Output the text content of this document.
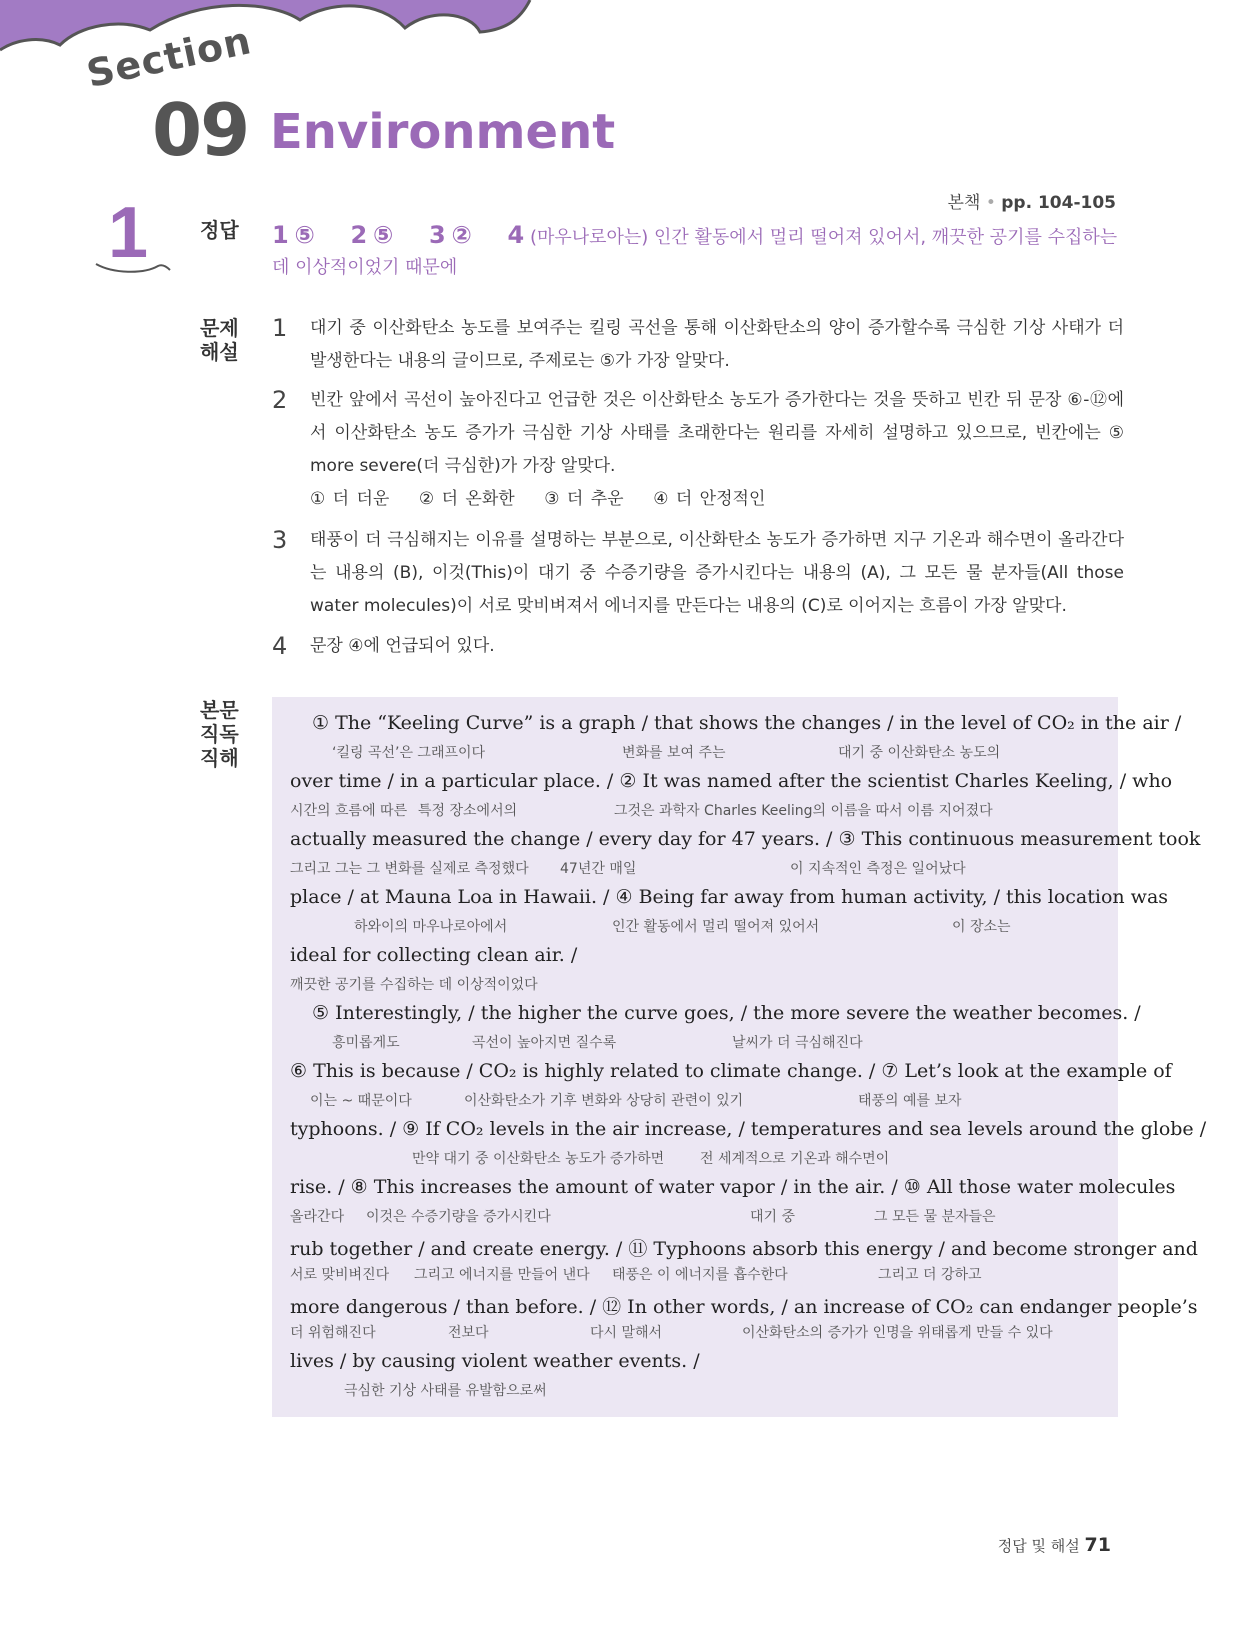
Section
09 Environment
1	본책 • pp. 104-105
정답 1 ⑤ 2 ⑤ 3 ② 4 (마우나로아는) 인간 활동에서 멀리 떨어져 있어서, 깨끗한 공기를 수집하는 데 이상적이었기 때문에
문제
해설
1 대기 중 이산화탄소 농도를 보여주는 킬링 곡선을 통해 이산화탄소의 양이 증가할수록 극심한 기상 사태가 더 발생한다는 내용의 글이므로, 주제로는 ⑤가 가장 알맞다.
2 빈칸 앞에서 곡선이 높아진다고 언급한 것은 이산화탄소 농도가 증가한다는 것을 뜻하고 빈칸 뒤 문장 ⑥-⑫에서 이산화탄소 농도 증가가 극심한 기상 사태를 초래한다는 원리를 자세히 설명하고 있으므로, 빈칸에는 ⑤ more severe(더 극심한)가 가장 알맞다.
① 더 더운    ② 더 온화한    ③ 더 추운    ④ 더 안정적인
3 태풍이 더 극심해지는 이유를 설명하는 부분으로, 이산화탄소 농도가 증가하면 지구 기온과 해수면이 올라간다는 내용의 (B), 이것(This)이 대기 중 수증기량을 증가시킨다는 내용의 (A), 그 모든 물 분자들(All those water molecules)이 서로 맞비벼져서 에너지를 만든다는 내용의 (C)로 이어지는 흐름이 가장 알맞다.
4 문장 ④에 언급되어 있다.
본문
직독
직해
① The “Keeling Curve” is a graph / that shows the changes / in the level of CO₂ in the air /
‘킬링 곡선’은 그래프이다	변화를 보여 주는	대기 중 이산화탄소 농도의
over time / in a particular place. / ② It was named after the scientist Charles Keeling, / who
시간의 흐름에 따른 특정 장소에서의	그것은 과학자 Charles Keeling의 이름을 따서 이름 지어졌다
actually measured the change / every day for 47 years. / ③ This continuous measurement took
그리고 그는 그 변화를 실제로 측정했다 47년간 매일	이 지속적인 측정은 일어났다
place / at Mauna Loa in Hawaii. / ④ Being far away from human activity, / this location was
하와이의 마우나로아에서	인간 활동에서 멀리 떨어져 있어서	이 장소는
ideal for collecting clean air. /
깨끗한 공기를 수집하는 데 이상적이었다
⑤ Interestingly, / the higher the curve goes, / the more severe the weather becomes. /
흥미롭게도	곡선이 높아지면 질수록	날씨가 더 극심해진다
⑥ This is because / CO₂ is highly related to climate change. / ⑦ Let’s look at the example of
이는 ~ 때문이다	이산화탄소가 기후 변화와 상당히 관련이 있기	태풍의 예를 보자
typhoons. / ⑨ If CO₂ levels in the air increase, / temperatures and sea levels around the globe /
만약 대기 중 이산화탄소 농도가 증가하면	전 세계적으로 기온과 해수면이
rise. / ⑧ This increases the amount of water vapor / in the air. / ⑩ All those water molecules
올라간다 이것은 수증기량을 증가시킨다	대기 중	그 모든 물 분자들은
rub together / and create energy. / ⑪ Typhoons absorb this energy / and become stronger and
서로 맞비벼진다 그리고 에너지를 만들어 낸다 태풍은 이 에너지를 흡수한다	그리고 더 강하고
more dangerous / than before. / ⑫ In other words, / an increase of CO₂ can endanger people’s
더 위험해진다	전보다	다시 말해서	이산화탄소의 증가가 인명을 위태롭게 만들 수 있다
lives / by causing violent weather events. /
극심한 기상 사태를 유발함으로써
정답 및 해설 71
